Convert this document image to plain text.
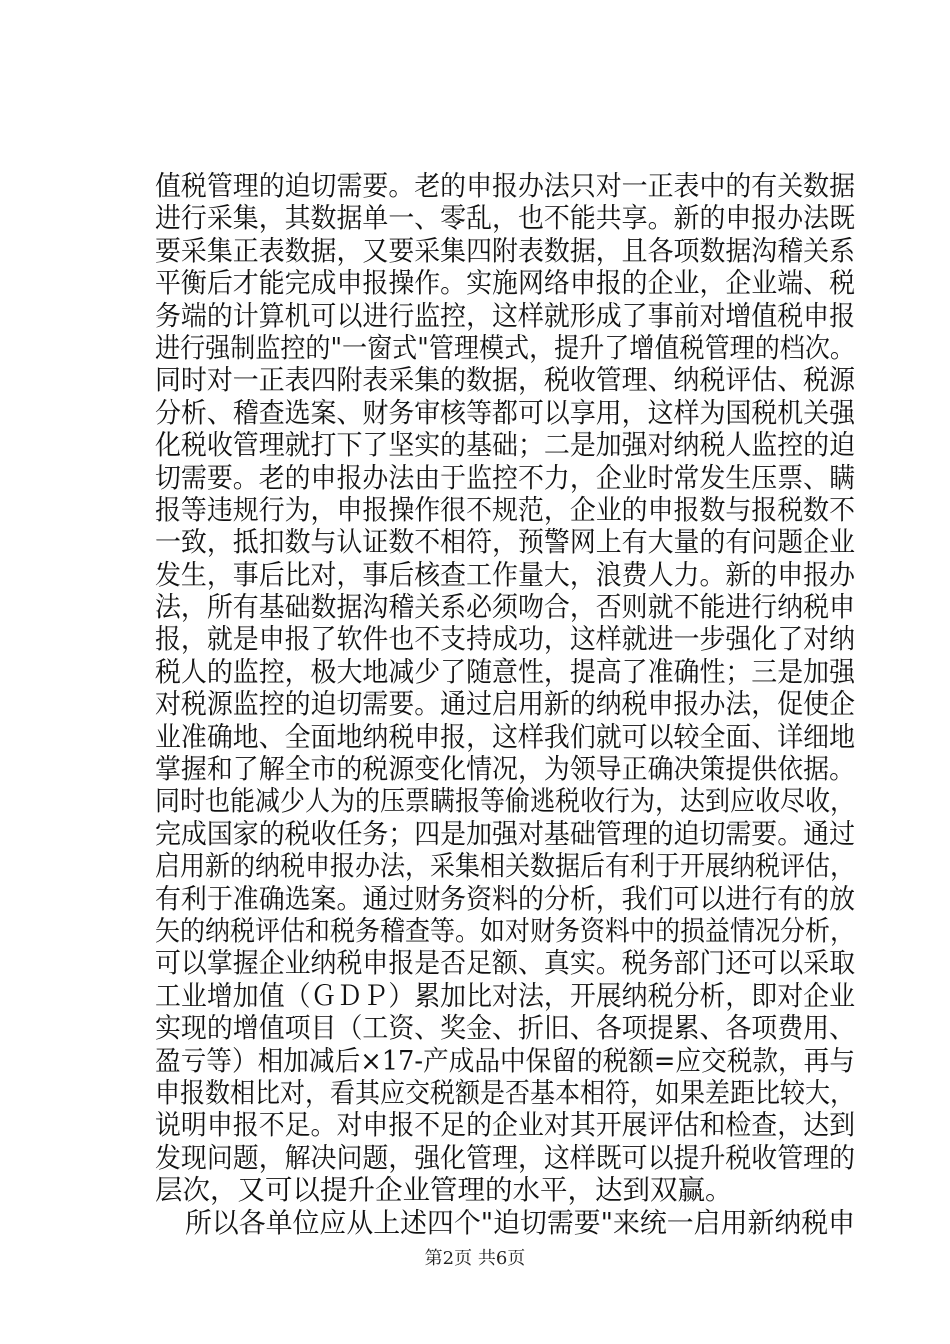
值税管理的迫切需要。老的申报办法只对一正表中的有关数据
进行采集，其数据单一、零乱，也不能共享。新的申报办法既
要采集正表数据，又要采集四附表数据，且各项数据沟稽关系
平衡后才能完成申报操作。实施网络申报的企业，企业端、税
务端的计算机可以进行监控，这样就形成了事前对增值税申报
进行强制监控的"一窗式"管理模式，提升了增值税管理的档次。
同时对一正表四附表采集的数据，税收管理、纳税评估、税源
分析、稽查选案、财务审核等都可以享用，这样为国税机关强
化税收管理就打下了坚实的基础；二是加强对纳税人监控的迫
切需要。老的申报办法由于监控不力，企业时常发生压票、瞒
报等违规行为，申报操作很不规范，企业的申报数与报税数不
一致，抵扣数与认证数不相符，预警网上有大量的有问题企业
发生，事后比对，事后核查工作量大，浪费人力。新的申报办
法，所有基础数据沟稽关系必须吻合，否则就不能进行纳税申
报，就是申报了软件也不支持成功，这样就进一步强化了对纳
税人的监控，极大地减少了随意性，提高了准确性；三是加强
对税源监控的迫切需要。通过启用新的纳税申报办法，促使企
业准确地、全面地纳税申报，这样我们就可以较全面、详细地
掌握和了解全市的税源变化情况，为领导正确决策提供依据。
同时也能减少人为的压票瞒报等偷逃税收行为，达到应收尽收，
完成国家的税收任务；四是加强对基础管理的迫切需要。通过
启用新的纳税申报办法，采集相关数据后有利于开展纳税评估，
有利于准确选案。通过财务资料的分析，我们可以进行有的放
矢的纳税评估和税务稽查等。如对财务资料中的损益情况分析，
可以掌握企业纳税申报是否足额、真实。税务部门还可以采取
工业增加值（ＧＤＰ）累加比对法，开展纳税分析，即对企业
实现的增值项目（工资、奖金、折旧、各项提累、各项费用、
盈亏等）相加减后×17-产成品中保留的税额=应交税款，再与
申报数相比对，看其应交税额是否基本相符，如果差距比较大，
说明申报不足。对申报不足的企业对其开展评估和检查，达到
发现问题，解决问题，强化管理，这样既可以提升税收管理的
层次，又可以提升企业管理的水平，达到双赢。
所以各单位应从上述四个"迫切需要"来统一启用新纳税申
第2页 共6页
